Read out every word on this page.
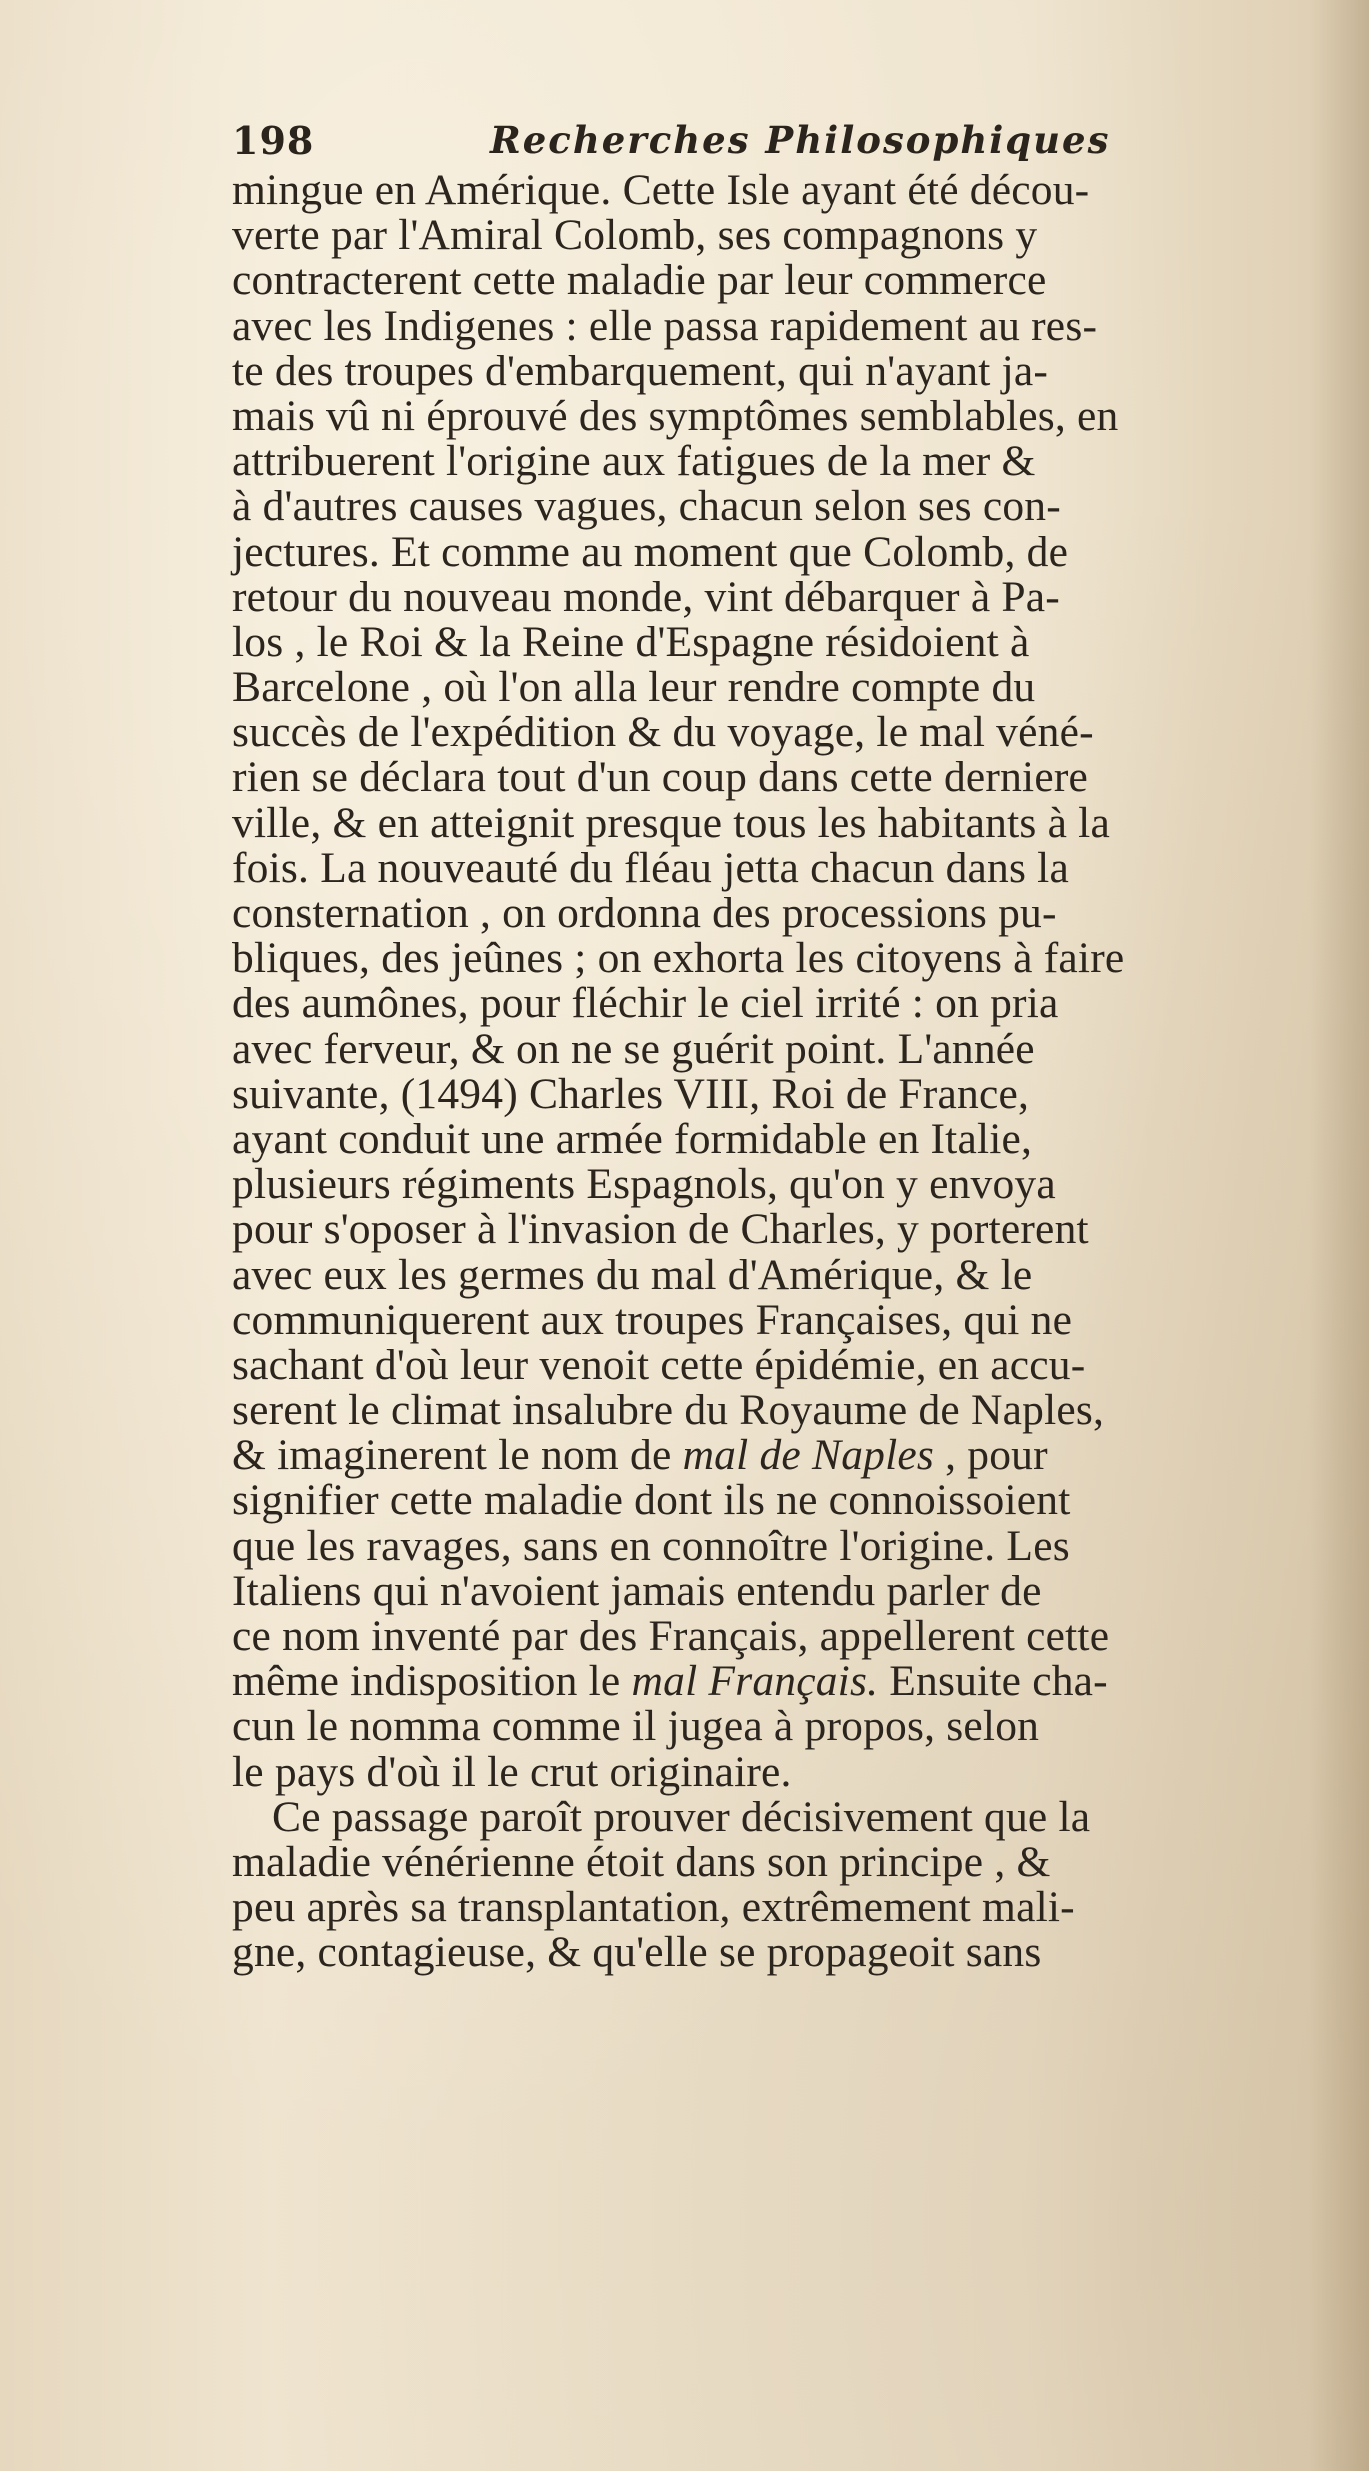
198	Recherches Philosophiques
mingue en Amérique. Cette Isle ayant été décou-
verte par l'Amiral Colomb, ses compagnons y
contracterent cette maladie par leur commerce
avec les Indigenes : elle passa rapidement au res-
te des troupes d'embarquement, qui n'ayant ja-
mais vû ni éprouvé des symptômes semblables, en
attribuerent l'origine aux fatigues de la mer &
à d'autres causes vagues, chacun selon ses con-
jectures. Et comme au moment que Colomb, de
retour du nouveau monde, vint débarquer à Pa-
los , le Roi & la Reine d'Espagne résidoient à
Barcelone , où l'on alla leur rendre compte du
succès de l'expédition & du voyage, le mal véné-
rien se déclara tout d'un coup dans cette derniere
ville, & en atteignit presque tous les habitants à la
fois. La nouveauté du fléau jetta chacun dans la
consternation , on ordonna des processions pu-
bliques, des jeûnes ; on exhorta les citoyens à faire
des aumônes, pour fléchir le ciel irrité : on pria
avec ferveur, & on ne se guérit point. L'année
suivante, (1494) Charles VIII, Roi de France,
ayant conduit une armée formidable en Italie,
plusieurs régiments Espagnols, qu'on y envoya
pour s'oposer à l'invasion de Charles, y porterent
avec eux les germes du mal d'Amérique, & le
communiquerent aux troupes Françaises, qui ne
sachant d'où leur venoit cette épidémie, en accu-
serent le climat insalubre du Royaume de Naples,
& imaginerent le nom de mal de Naples , pour
signifier cette maladie dont ils ne connoissoient
que les ravages, sans en connoître l'origine. Les
Italiens qui n'avoient jamais entendu parler de
ce nom inventé par des Français, appellerent cette
même indisposition le mal Français. Ensuite cha-
cun le nomma comme il jugea à propos, selon
le pays d'où il le crut originaire.
Ce passage paroît prouver décisivement que la
maladie vénérienne étoit dans son principe , &
peu après sa transplantation, extrêmement mali-
gne, contagieuse, & qu'elle se propageoit sans
